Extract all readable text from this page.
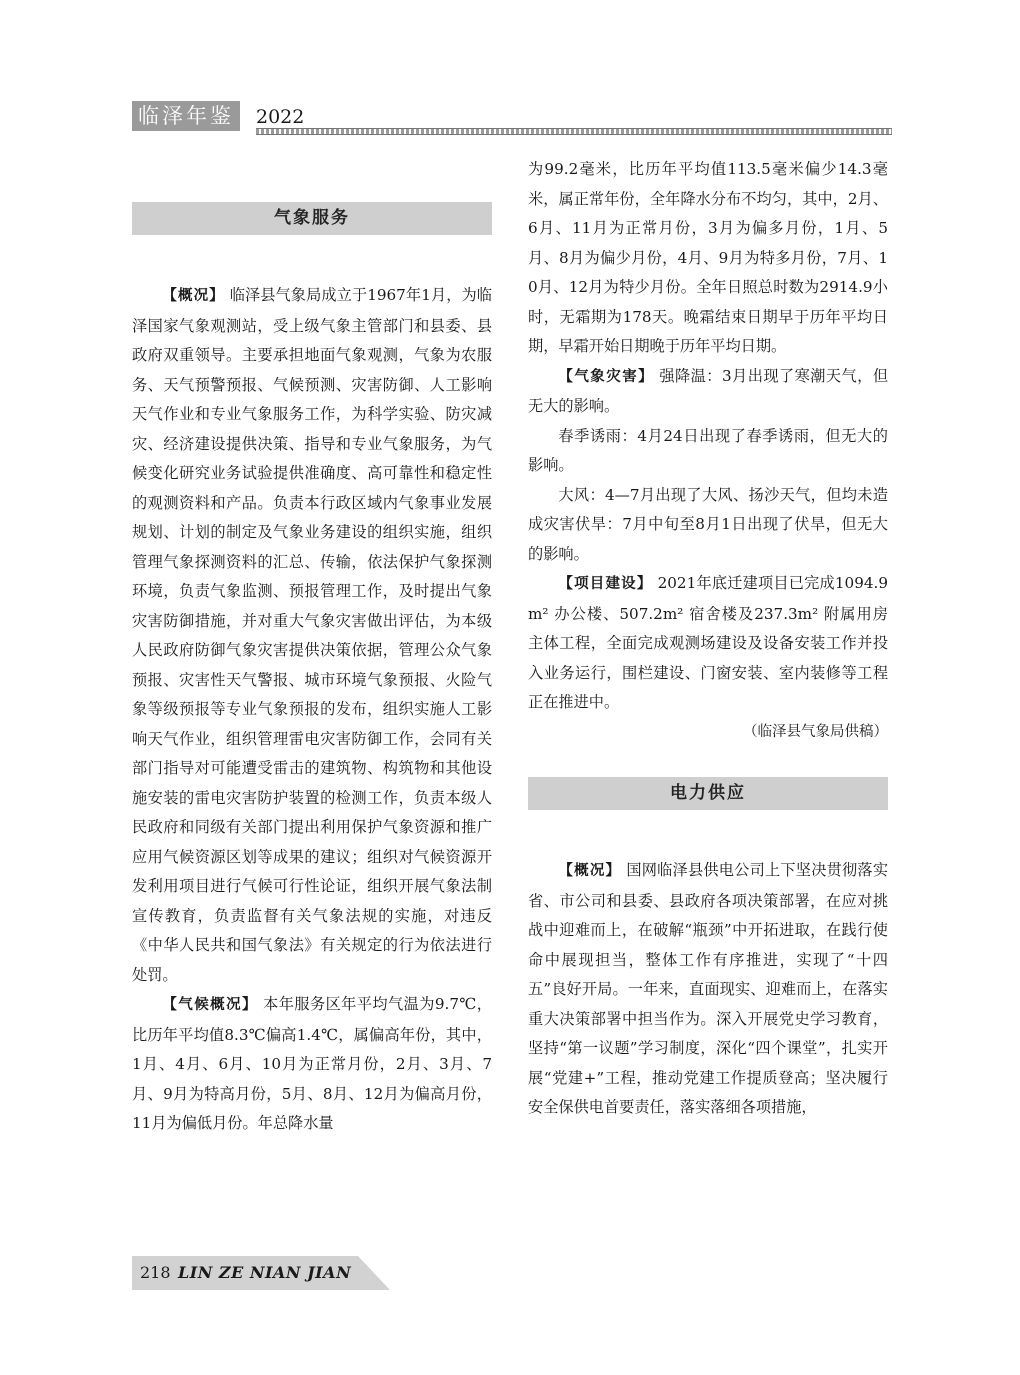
临泽年鉴	2022
气象服务

【概况】 临泽县气象局成立于1967年1月，为临泽国家气象观测站，受上级气象主管部门和县委、县政府双重领导。主要承担地面气象观测，气象为农服务、天气预警预报、气候预测、灾害防御、人工影响天气作业和专业气象服务工作，为科学实验、防灾减灾、经济建设提供决策、指导和专业气象服务，为气候变化研究业务试验提供准确度、高可靠性和稳定性的观测资料和产品。负责本行政区域内气象事业发展规划、计划的制定及气象业务建设的组织实施，组织管理气象探测资料的汇总、传输，依法保护气象探测环境，负责气象监测、预报管理工作，及时提出气象灾害防御措施，并对重大气象灾害做出评估，为本级人民政府防御气象灾害提供决策依据，管理公众气象预报、灾害性天气警报、城市环境气象预报、火险气象等级预报等专业气象预报的发布，组织实施人工影响天气作业，组织管理雷电灾害防御工作，会同有关部门指导对可能遭受雷击的建筑物、构筑物和其他设施安装的雷电灾害防护装置的检测工作，负责本级人民政府和同级有关部门提出利用保护气象资源和推广应用气候资源区划等成果的建议；组织对气候资源开发利用项目进行气候可行性论证，组织开展气象法制宣传教育，负责监督有关气象法规的实施，对违反《中华人民共和国气象法》有关规定的行为依法进行处罚。

【气候概况】 本年服务区年平均气温为9.7℃，比历年平均值8.3℃偏高1.4℃，属偏高年份，其中，1月、4月、6月、10月为正常月份，2月、3月、7月、9月为特高月份，5月、8月、12月为偏高月份，11月为偏低月份。年总降水量

为99.2毫米，比历年平均值113.5毫米偏少14.3毫米，属正常年份，全年降水分布不均匀，其中，2月、6月、11月为正常月份，3月为偏多月份，1月、5月、8月为偏少月份，4月、9月为特多月份，7月、10月、12月为特少月份。全年日照总时数为2914.9小时，无霜期为178天。晚霜结束日期早于历年平均日期，早霜开始日期晚于历年平均日期。

【气象灾害】 强降温：3月出现了寒潮天气，但无大的影响。

春季诱雨：4月24日出现了春季诱雨，但无大的影响。

大风：4—7月出现了大风、扬沙天气，但均未造成灾害伏旱：7月中旬至8月1日出现了伏旱，但无大的影响。

【项目建设】 2021年底迁建项目已完成1094.9m² 办公楼、507.2m² 宿舍楼及237.3m² 附属用房主体工程，全面完成观测场建设及设备安装工作并投入业务运行，围栏建设、门窗安装、室内装修等工程正在推进中。

（临泽县气象局供稿）

电力供应

【概况】 国网临泽县供电公司上下坚决贯彻落实省、市公司和县委、县政府各项决策部署，在应对挑战中迎难而上，在破解“瓶颈”中开拓进取，在践行使命中展现担当，整体工作有序推进，实现了“十四五”良好开局。一年来，直面现实、迎难而上，在落实重大决策部署中担当作为。深入开展党史学习教育，坚持“第一议题”学习制度，深化“四个课堂”，扎实开展“党建+”工程，推动党建工作提质登高；坚决履行安全保供电首要责任，落实落细各项措施，

218 LIN ZE NIAN JIAN
